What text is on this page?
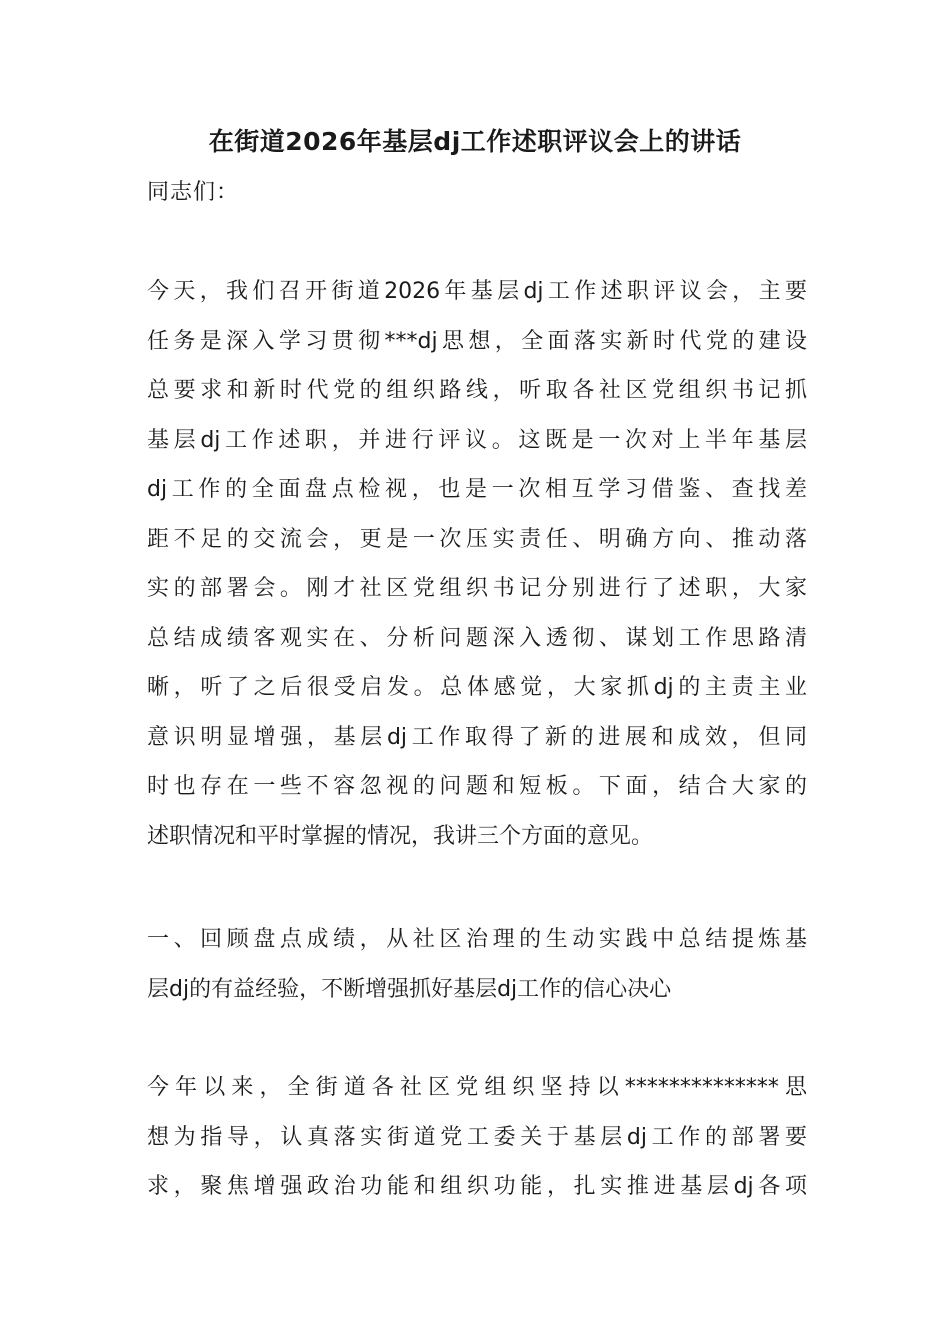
在街道2026年基层dj工作述职评议会上的讲话
同志们：
今天，我们召开街道2026年基层dj工作述职评议会，主要
任务是深入学习贯彻***dj思想，全面落实新时代党的建设
总要求和新时代党的组织路线，听取各社区党组织书记抓
基层dj工作述职，并进行评议。这既是一次对上半年基层
dj工作的全面盘点检视，也是一次相互学习借鉴、查找差
距不足的交流会，更是一次压实责任、明确方向、推动落
实的部署会。刚才社区党组织书记分别进行了述职，大家
总结成绩客观实在、分析问题深入透彻、谋划工作思路清
晰，听了之后很受启发。总体感觉，大家抓dj的主责主业
意识明显增强，基层dj工作取得了新的进展和成效，但同
时也存在一些不容忽视的问题和短板。下面，结合大家的
述职情况和平时掌握的情况，我讲三个方面的意见。
一、回顾盘点成绩，从社区治理的生动实践中总结提炼基
层dj的有益经验，不断增强抓好基层dj工作的信心决心
今年以来，全街道各社区党组织坚持以**************思
想为指导，认真落实街道党工委关于基层dj工作的部署要
求，聚焦增强政治功能和组织功能，扎实推进基层dj各项
